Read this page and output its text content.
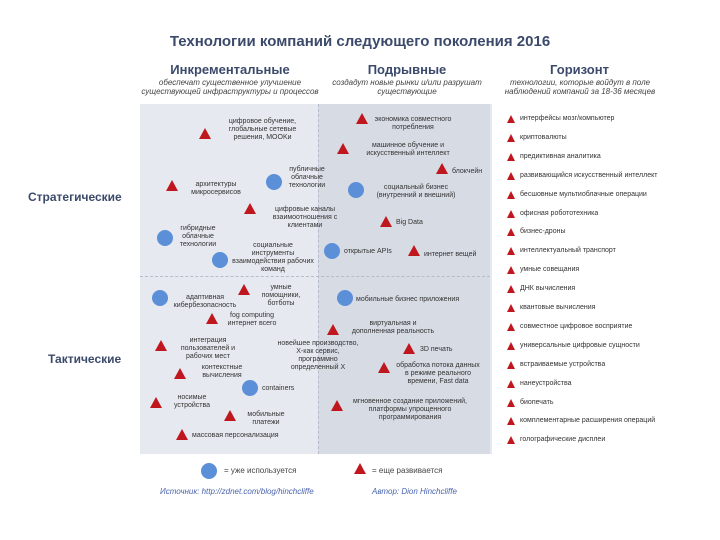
Технологии компаний следующего поколения 2016
Инкрементальные
обеспечат существенное улучшение существующей инфраструктуры и процессов
Подрывные
создадут новые рынки и/или разрушат существующие
Горизонт
технологии, которые войдут в поле наблюдений компаний за 18-36 месяцев
Стратегические
Тактические
цифровое обучение, глобальные сетевые решения, MOOKи
публичные облачные технологии
архитектуры микросервисов
цифровые каналы взаимоотношения с клиентами
гибридные облачные технологии	социальные инструменты взаимодействия рабочих команд
экономика совместного потребления
машинное обучение и искусственный интеллект
блокчейн
социальный бизнес (внутренний и внешний)
Big Data
открытые APIs	интернет вещей
умные помощники, ботботы
адаптивная кибербезопасность
fog computing интернет всего
интеграция пользователей и рабочих мест
контекстные вычисления
containers
носимые устройства
мобильные платежи
массовая персонализация
мобильные бизнес приложения
виртуальная и дополненная реальность
новейшее производство, X-как сервис, программно определенный X
3D печать
обработка потока данных в режиме реального времени, Fast data
мгновенное создание приложений, платформы упрощенного программирования
интерфейсы мозг/компьютер
криптовалюты
предиктивная аналитика
развивающийся искусственный интеллект
бесшовные мультиоблачные операции
офисная робототехника
бизнес-дроны
интеллектуальный транспорт
умные совещания
ДНК вычисления
квантовые вычисления
совместное цифровое восприятие
универсальные цифровые сущности
встраиваемые устройства
нанеустройства
биопечать
комплементарные расширения операций
голографические дисплеи
= уже используется	= еще развивается
Источник: http://zdnet.com/blog/hinchcliffe	Автор: Dion Hinchcliffe
